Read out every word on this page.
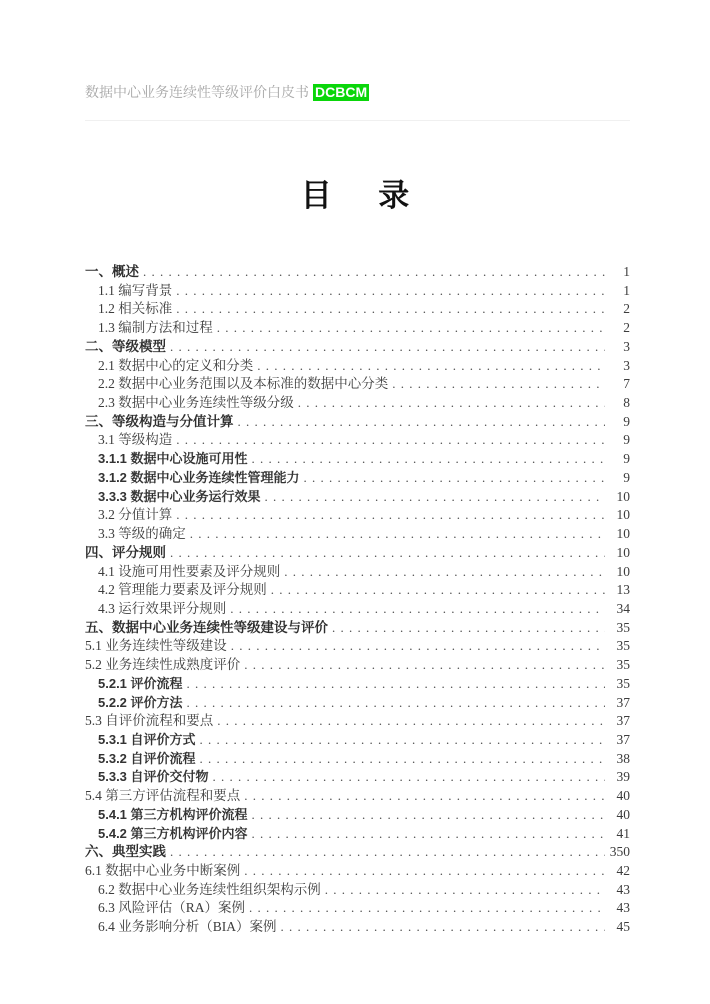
数据中心业务连续性等级评价白皮书 DCBCM
目      录
一、概述 . . .	1
1.1 编写背景 . . .	1
1.2 相关标准 . . .	2
1.3 编制方法和过程 . . .	2
二、等级模型 . . .	3
2.1 数据中心的定义和分类 . . .	3
2.2 数据中心业务范围以及本标准的数据中心分类 . . .	7
2.3 数据中心业务连续性等级分级 . . .	8
三、等级构造与分值计算 . . .	9
3.1 等级构造 . . .	9
3.1.1 数据中心设施可用性 . . .	9
3.1.2 数据中心业务连续性管理能力 . . .	9
3.3.3 数据中心业务运行效果 . . .	10
3.2 分值计算 . . .	10
3.3 等级的确定 . . .	10
四、评分规则 . . .	10
4.1 设施可用性要素及评分规则 . . .	10
4.2 管理能力要素及评分规则 . . .	13
4.3 运行效果评分规则 . . .	34
五、数据中心业务连续性等级建设与评价 . . .	35
5.1 业务连续性等级建设 . . .	35
5.2 业务连续性成熟度评价 . . .	35
5.2.1 评价流程 . . .	35
5.2.2 评价方法 . . .	37
5.3 自评价流程和要点 . . .	37
5.3.1 自评价方式 . . .	37
5.3.2 自评价流程 . . .	38
5.3.3 自评价交付物 . . .	39
5.4 第三方评估流程和要点 . . .	40
5.4.1 第三方机构评价流程 . . .	40
5.4.2 第三方机构评价内容 . . .	41
六、典型实践 . . .	350
6.1 数据中心业务中断案例 . . .	42
6.2 数据中心业务连续性组织架构示例 . . .	43
6.3 风险评估（RA）案例 . . .	43
6.4 业务影响分析（BIA）案例 . . .	45
